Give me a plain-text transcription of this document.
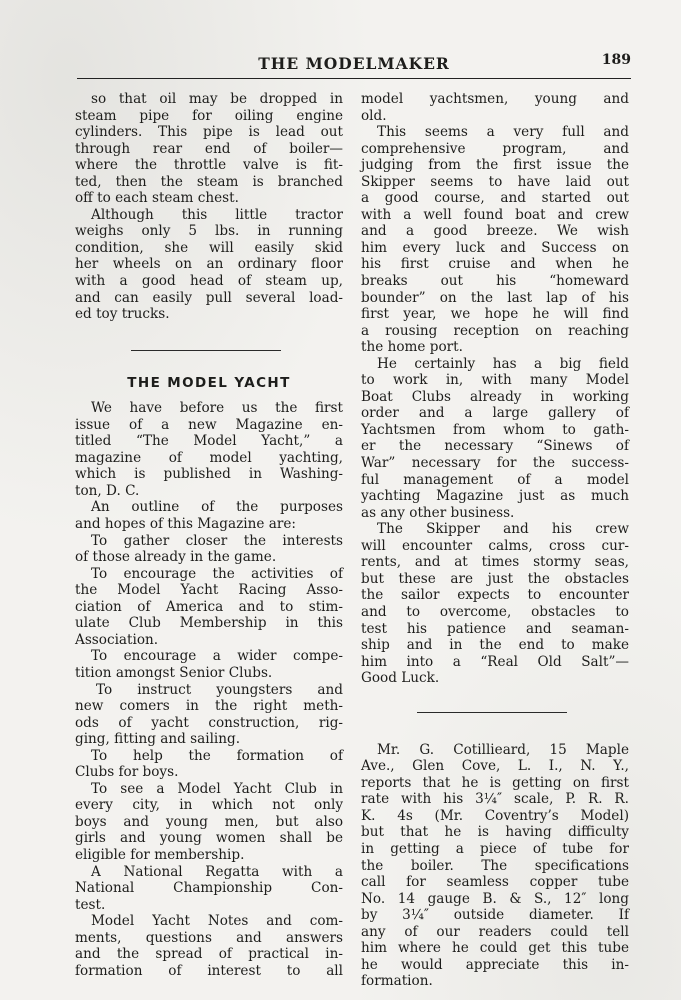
THE MODELMAKER	189
so that oil may be dropped in
steam pipe for oiling engine
cylinders. This pipe is lead out
through rear end of boiler—
where the throttle valve is fit-
ted, then the steam is branched
off to each steam chest.
Although this little tractor
weighs only 5 lbs. in running
condition, she will easily skid
her wheels on an ordinary floor
with a good head of steam up,
and can easily pull several load-
ed toy trucks.
THE MODEL YACHT
We have before us the first
issue of a new Magazine en-
titled “The Model Yacht,” a
magazine of model yachting,
which is published in Washing-
ton, D. C.
An outline of the purposes
and hopes of this Magazine are:
To gather closer the interests
of those already in the game.
To encourage the activities of
the Model Yacht Racing Asso-
ciation of America and to stim-
ulate Club Membership in this
Association.
To encourage a wider compe-
tition amongst Senior Clubs.
To instruct youngsters and
new comers in the right meth-
ods of yacht construction, rig-
ging, fitting and sailing.
To help the formation of
Clubs for boys.
To see a Model Yacht Club in
every city, in which not only
boys and young men, but also
girls and young women shall be
eligible for membership.
A National Regatta with a
National Championship Con-
test.
Model Yacht Notes and com-
ments, questions and answers
and the spread of practical in-
formation of interest to all
model yachtsmen, young and
old.
This seems a very full and
comprehensive program, and
judging from the first issue the
Skipper seems to have laid out
a good course, and started out
with a well found boat and crew
and a good breeze. We wish
him every luck and Success on
his first cruise and when he
breaks out his “homeward
bounder” on the last lap of his
first year, we hope he will find
a rousing reception on reaching
the home port.
He certainly has a big field
to work in, with many Model
Boat Clubs already in working
order and a large gallery of
Yachtsmen from whom to gath-
er the necessary “Sinews of
War” necessary for the success-
ful management of a model
yachting Magazine just as much
as any other business.
The Skipper and his crew
will encounter calms, cross cur-
rents, and at times stormy seas,
but these are just the obstacles
the sailor expects to encounter
and to overcome, obstacles to
test his patience and seaman-
ship and in the end to make
him into a “Real Old Salt”—
Good Luck.
Mr. G. Cotillieard, 15 Maple
Ave., Glen Cove, L. I., N. Y.,
reports that he is getting on first
rate with his 3¼″ scale, P. R. R.
K. 4s (Mr. Coventry’s Model)
but that he is having difficulty
in getting a piece of tube for
the boiler. The specifications
call for seamless copper tube
No. 14 gauge B. & S., 12″ long
by 3¼″ outside diameter. If
any of our readers could tell
him where he could get this tube
he would appreciate this in-
formation.
